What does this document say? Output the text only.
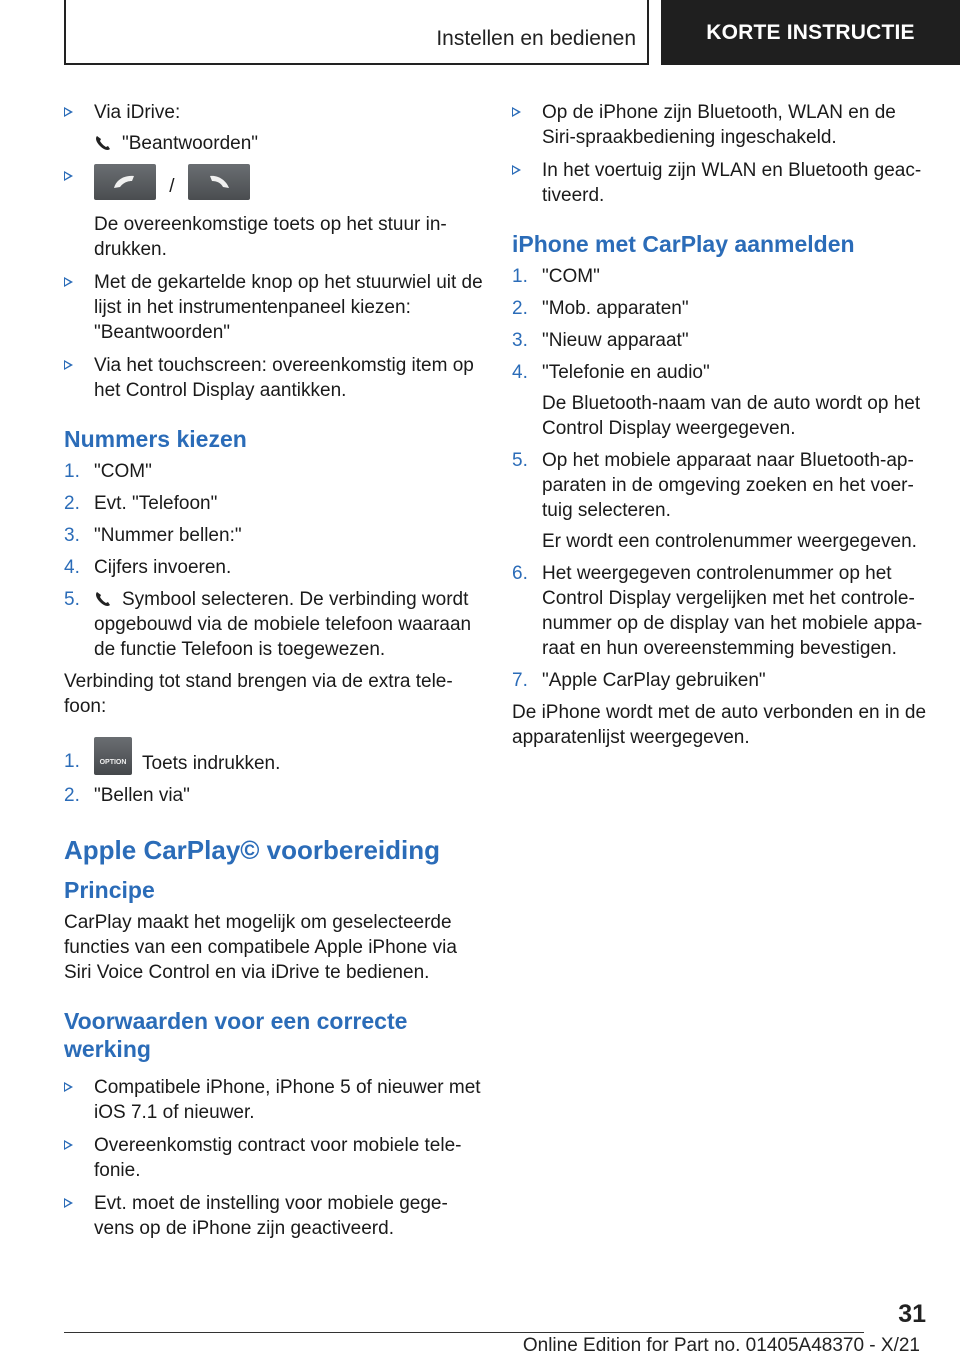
Instellen en bedienen	KORTE INSTRUCTIE
Via iDrive:
"Beantwoorden"
/
De overeenkomstige toets op het stuur in-drukken.
Met de gekartelde knop op het stuurwiel uit de lijst in het instrumentenpaneel kiezen: "Beantwoorden"
Via het touchscreen: overeenkomstig item op het Control Display aantikken.
Nummers kiezen
1. "COM"
2. Evt. "Telefoon"
3. "Nummer bellen:"
4. Cijfers invoeren.
5. Symbool selecteren. De verbinding wordt opgebouwd via de mobiele telefoon waaraan de functie Telefoon is toegewezen.
Verbinding tot stand brengen via de extra tele-foon:
1.	OPTION Toets indrukken.
2. "Bellen via"
Apple CarPlay© voorbereiding
Principe
CarPlay maakt het mogelijk om geselecteerde functies van een compatibele Apple iPhone via Siri Voice Control en via iDrive te bedienen.
Voorwaarden voor een correcte werking
Compatibele iPhone, iPhone 5 of nieuwer met iOS 7.1 of nieuwer.
Overeenkomstig contract voor mobiele tele-fonie.
Evt. moet de instelling voor mobiele gege-vens op de iPhone zijn geactiveerd.
Op de iPhone zijn Bluetooth, WLAN en de Siri-spraakbediening ingeschakeld.
In het voertuig zijn WLAN en Bluetooth geac-tiveerd.
iPhone met CarPlay aanmelden
1. "COM"
2. "Mob. apparaten"
3. "Nieuw apparaat"
4. "Telefonie en audio"
De Bluetooth-naam van de auto wordt op het Control Display weergegeven.
5. Op het mobiele apparaat naar Bluetooth-ap-paraten in de omgeving zoeken en het voer-tuig selecteren.
Er wordt een controlenummer weergegeven.
6. Het weergegeven controlenummer op het Control Display vergelijken met het controle-nummer op de display van het mobiele appa-raat en hun overeenstemming bevestigen.
7. "Apple CarPlay gebruiken"
De iPhone wordt met de auto verbonden en in de apparatenlijst weergegeven.
31
Online Edition for Part no. 01405A48370 - X/21
